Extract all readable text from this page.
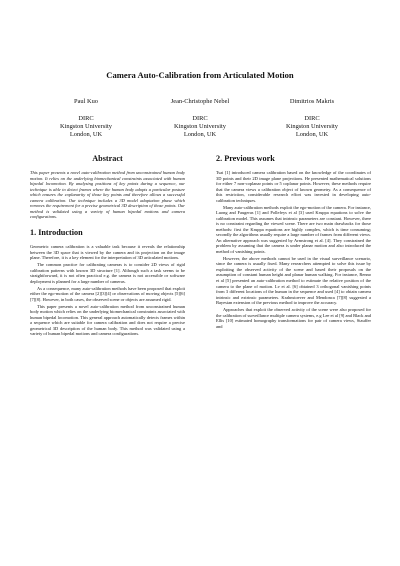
Camera Auto-Calibration from Articulated Motion
Paul Kuo
DIRC
Kingston University
London, UK
Jean-Christophe Nebel
DIRC
Kingston University
London, UK
Dimitrios Makris
DIRC
Kingston University
London, UK
Abstract

This paper presents a novel auto-calibration method from unconstrained human body motion. It relies on the underlying biomechanical constraints associated with human bipedal locomotion. By analysing positions of key points during a sequence, our technique is able to detect frames where the human body adopts a particular posture which ensures the coplanarity of those key points and therefore allows a successful camera calibration. Our technique includes a 3D model adaptation phase which removes the requirement for a precise geometrical 3D description of those points. Our method is validated using a variety of human bipedal motions and camera configurations.

1. Introduction

Geometric camera calibration is a valuable task because it reveals the relationship between the 3D space that is viewed by the camera and its projection on the image plane. Therefore, it is a key element for the interpretation of 3D articulated motions.

The common practice for calibrating cameras is to consider 2D views of rigid calibration patterns with known 3D structure [1]. Although such a task seems to be straightforward, it is not often practical e.g. the camera is not accessible or software deployment is planned for a large number of cameras.

As a consequence, many auto-calibration methods have been proposed that exploit either the ego-motion of the camera [2][3][4] or observations of moving objects [5][6][7][8]. However, in both cases, the observed scene or objects are assumed rigid.

This paper presents a novel auto-calibration method from unconstrained human body motion which relies on the underlying biomechanical constraints associated with human bipedal locomotion. This general approach automatically detects frames within a sequence which are suitable for camera calibration and does not require a precise geometrical 3D description of the human body. This method was validated using a variety of human bipedal motions and camera configurations.

2. Previous work

Tsai [1] introduced camera calibration based on the knowledge of the coordinates of 3D points and their 2D image plane projections. He presented mathematical solutions for either 7 non-coplanar points or 5 coplanar points. However, these methods require that the camera views a calibration object of known geometry. As a consequence of this restriction, considerable research effort was invested in developing auto-calibration techniques.

Many auto-calibration methods exploit the ego-motion of the camera. For instance, Luong and Faugeras [1] and Pollefeys et al [3] used Kruppa equations to solve the calibration model. This assumes that intrinsic parameters are constant. However, there is no constraint regarding the viewed scene. There are two main drawbacks for those methods: first the Kruppa equations are highly complex, which is time consuming; secondly the algorithms usually require a large number of frames from different views. An alternative approach was suggested by Armstrong et al. [4]. They constrained the problem by assuming that the camera is under planar motion and also introduced the method of vanishing points.

However, the above methods cannot be used in the visual surveillance scenario, since the camera is usually fixed. Many researchers attempted to solve this issue by exploiting the observed activity of the scene and based their proposals on the assumption of constant human height and planar human walking. For instance, Renno et al [5] presented an auto-calibration method to estimate the relative position of the camera to the plane of motion. Lv et al. [6] obtained 3 orthogonal vanishing points from 3 different locations of the human in the sequence and used [4] to obtain camera intrinsic and extrinsic parameters. Krahnstoever and Mendonca [7][8] suggested a Bayesian extension of the previous method to improve the accuracy.

Approaches that exploit the observed activity of the scene were also proposed for the calibration of surveillance multiple camera systems, e.g Lee et al [9] and Black and Ellis [10] estimated homography transformations for pair of camera views, Stauffer and
